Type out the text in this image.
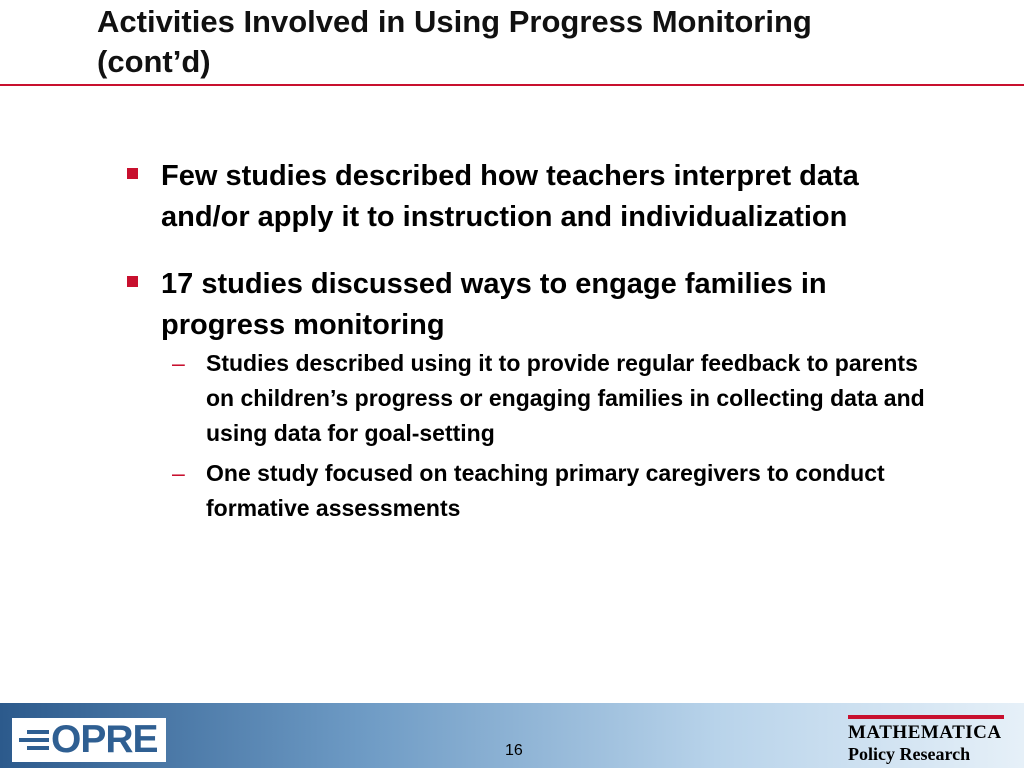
Activities Involved in Using Progress Monitoring (cont’d)
Few studies described how teachers interpret data and/or apply it to instruction and individualization
17 studies discussed ways to engage families in progress monitoring
– Studies described using it to provide regular feedback to parents on children’s progress or engaging families in collecting data and using data for goal-setting
– One study focused on teaching primary caregivers to conduct formative assessments
OPRE	16
MATHEMATICA
Policy Research
